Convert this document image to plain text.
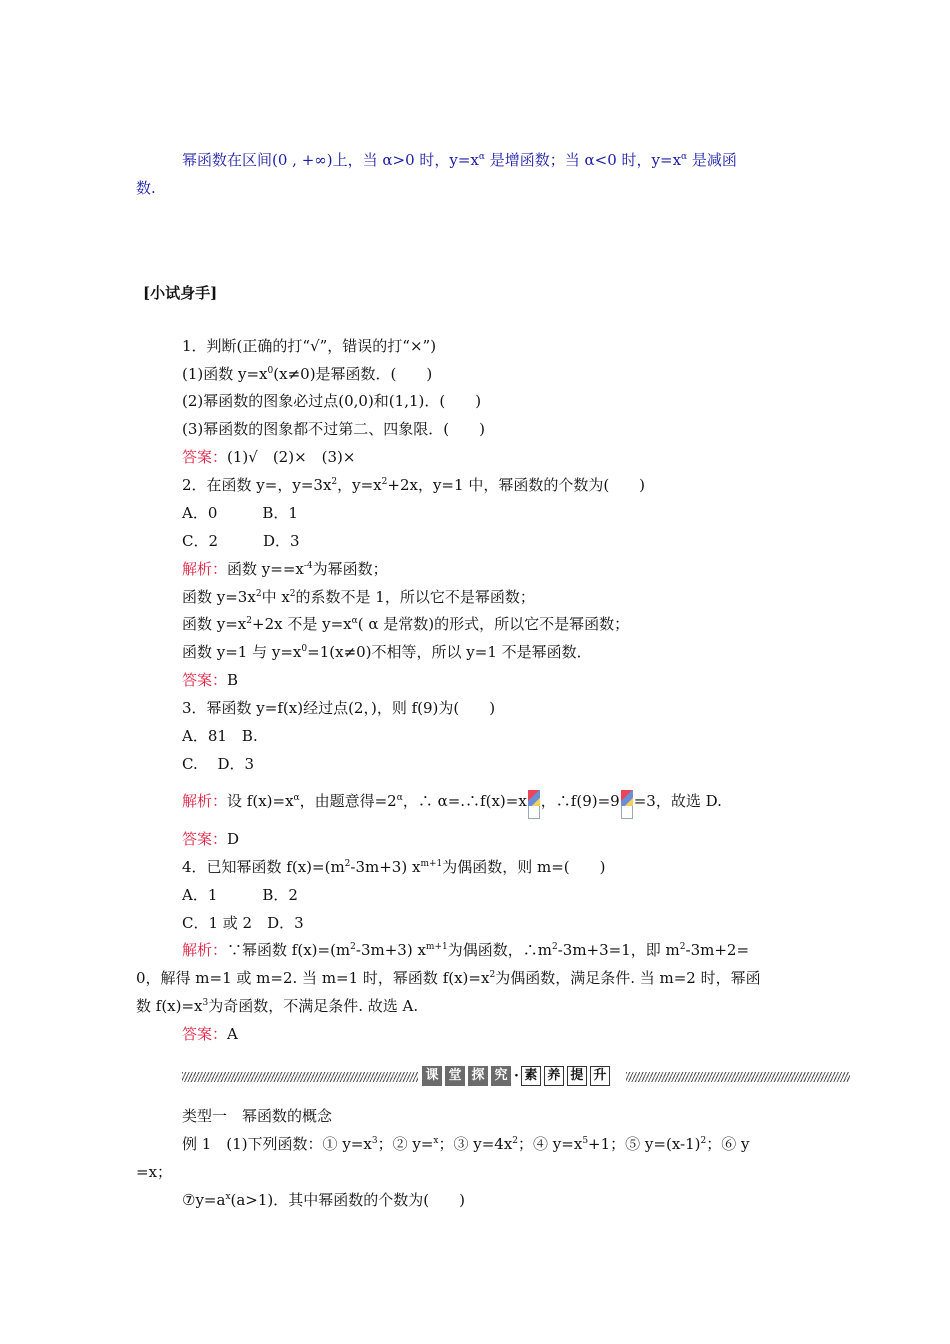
幂函数在区间(0 , +∞)上，当 α>0 时，$y=x^\alpha$ 是增函数；当 α<0 时，$y=x^\alpha$ 是减函
数.
[小试身手]
1．判断(正确的打“√”，错误的打“×”)
(1)函数 $y=x^0(x\ne 0)$是幂函数．(　　)
(2)幂函数的图象必过点(0,0)和(1,1)．(　　)
(3)幂函数的图象都不过第二、四象限．(　　)
答案：(1)√　(2)×　(3)×
2．在函数 y=，$y=3x^2$，$y=x^2+2x$，y=1 中，幂函数的个数为(　　)
A．0　　　B．1
C．2　　　D．3
解析：函数 $y==x^{-4}$为幂函数；
函数 $y=3x^2$中 $x^2$的系数不是 1，所以它不是幂函数；
函数 $y=x^2+2x$ 不是 $y=x^\alpha$( α 是常数)的形式，所以它不是幂函数；
函数 y=1 与 $y=x^0=1(x\ne 0)$不相等，所以 y=1 不是幂函数．
答案：B
3．幂函数 y=f(x)经过点(2，)，则 f(9)为(　　)
A．81　B.
C.　 D．3
解析：设 $f(x)=x^\alpha$，由题意得$=2^\alpha$，∴ α=.∴f(x)=x ，∴f(9)=9 =3，故选 D.
答案：D
4．已知幂函数 $f(x)=(m^2-3m+3)$ $x^{m+1}$为偶函数，则 m=(　　)
A．1　　　B．2
C．1 或 2　D．3
解析：∵幂函数 $f(x)=(m^2-3m+3)$ $x^{m+1}$为偶函数，$\therefore m^2-3m+3=1$，即 $m^2-3m+2=$
0，解得 m=1 或 m=2. 当 m=1 时，幂函数 $f(x)=x^2$为偶函数，满足条件. 当 m=2 时，幂函
数 $f(x)=x^3$为奇函数，不满足条件. 故选 A.
答案：A
课 堂 探 究 · 素 养 提 升
类型一　幂函数的概念
例 1　(1)下列函数：① $y=x^3$；② y=$^x$；③ $y=4x^2$；④ $y=x^5+1$；⑤ $y=(x-1)^2$；⑥ y
=x；
$⑦y=a^x(a>1)$．其中幂函数的个数为(　　)
